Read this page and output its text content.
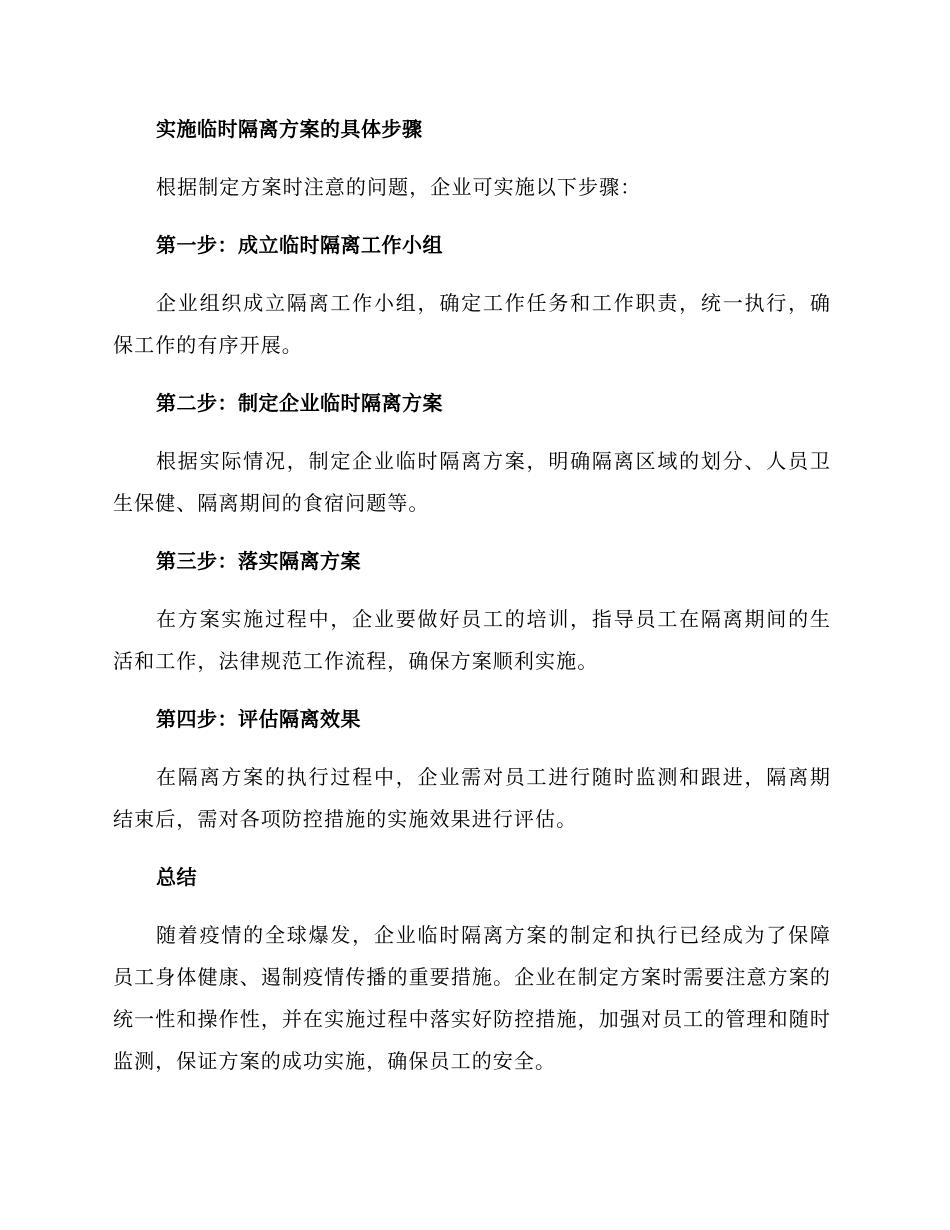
实施临时隔离方案的具体步骤

根据制定方案时注意的问题，企业可实施以下步骤：

第一步：成立临时隔离工作小组

企业组织成立隔离工作小组，确定工作任务和工作职责，统一执行，确保工作的有序开展。

第二步：制定企业临时隔离方案

根据实际情况，制定企业临时隔离方案，明确隔离区域的划分、人员卫生保健、隔离期间的食宿问题等。

第三步：落实隔离方案

在方案实施过程中，企业要做好员工的培训，指导员工在隔离期间的生活和工作，法律规范工作流程，确保方案顺利实施。

第四步：评估隔离效果

在隔离方案的执行过程中，企业需对员工进行随时监测和跟进，隔离期结束后，需对各项防控措施的实施效果进行评估。

总结

随着疫情的全球爆发，企业临时隔离方案的制定和执行已经成为了保障员工身体健康、遏制疫情传播的重要措施。企业在制定方案时需要注意方案的统一性和操作性，并在实施过程中落实好防控措施，加强对员工的管理和随时监测，保证方案的成功实施，确保员工的安全。
